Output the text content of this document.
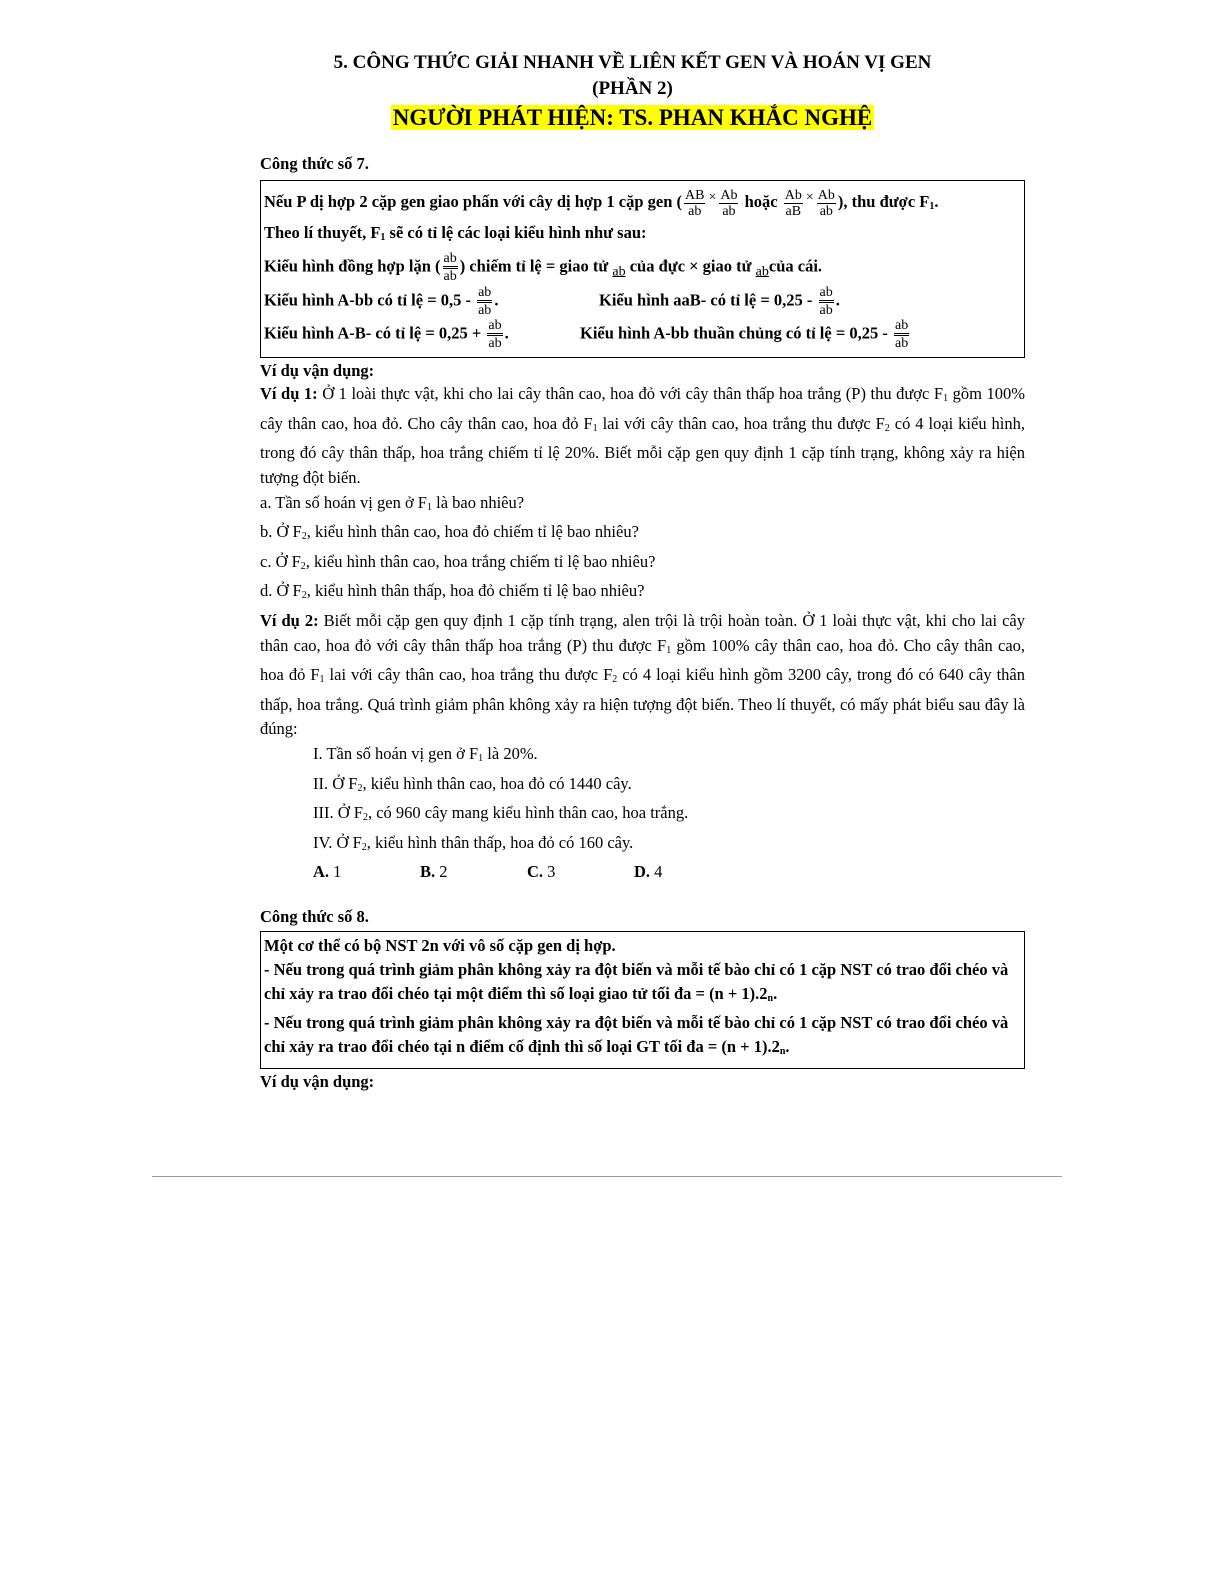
5. CÔNG THỨC GIẢI NHANH VỀ LIÊN KẾT GEN VÀ HOÁN VỊ GEN
(PHẦN 2)
NGƯỜI PHÁT HIỆN: TS. PHAN KHẮC NGHỆ
Công thức số 7.
Nếu P dị hợp 2 cặp gen giao phấn với cây dị hợp 1 cặp gen ( $\frac{AB}{ab} ^\times \frac{Ab}{ab}$ hoặc $\frac{Ab}{aB} ^\times \frac{Ab}{ab}$ ), thu được $F_1$.
Theo lí thuyết, $F_1$ sẽ có tỉ lệ các loại kiểu hình như sau:
Kiểu hình đồng hợp lặn ( $\frac{ab}{ab}$ ) chiếm tỉ lệ = giao tử $_{ab}$ của đực × giao tử $_{ab}$của cái.
Kiểu hình A-bb có tỉ lệ = $0,5 - \frac{ab}{ab}$ .	Kiểu hình aaB- có tỉ lệ = $0,25 - \frac{ab}{ab}$ .
Kiểu hình A-B- có tỉ lệ = $0,25 + \frac{ab}{ab}$ .	Kiểu hình A-bb thuần chủng có tỉ lệ = $0,25 - \frac{ab}{ab}$
Ví dụ vận dụng:
Ví dụ 1: Ở 1 loài thực vật, khi cho lai cây thân cao, hoa đỏ với cây thân thấp hoa trắng (P) thu được $F_1$ gồm 100% cây thân cao, hoa đỏ. Cho cây thân cao, hoa đỏ $F_1$ lai với cây thân cao, hoa trắng thu được $F_2$ có 4 loại kiểu hình, trong đó cây thân thấp, hoa trắng chiếm tỉ lệ 20%. Biết mỗi cặp gen quy định 1 cặp tính trạng, không xảy ra hiện tượng đột biến.
a. Tần số hoán vị gen ở $F_1$ là bao nhiêu?
b. Ở $F_2$, kiểu hình thân cao, hoa đỏ chiếm tỉ lệ bao nhiêu?
c. Ở $F_2$, kiểu hình thân cao, hoa trắng chiếm tỉ lệ bao nhiêu?
d. Ở $F_2$, kiểu hình thân thấp, hoa đỏ chiếm tỉ lệ bao nhiêu?
Ví dụ 2: Biết mỗi cặp gen quy định 1 cặp tính trạng, alen trội là trội hoàn toàn. Ở 1 loài thực vật, khi cho lai cây thân cao, hoa đỏ với cây thân thấp hoa trắng (P) thu được $F_1$ gồm 100% cây thân cao, hoa đỏ. Cho cây thân cao, hoa đỏ $F_1$ lai với cây thân cao, hoa trắng thu được $F_2$ có 4 loại kiểu hình gồm 3200 cây, trong đó có 640 cây thân thấp, hoa trắng. Quá trình giảm phân không xảy ra hiện tượng đột biến. Theo lí thuyết, có mấy phát biểu sau đây là đúng:
I. Tần số hoán vị gen ở $F_1$ là 20%.
II. Ở $F_2$, kiểu hình thân cao, hoa đỏ có 1440 cây.
III. Ở $F_2$, có 960 cây mang kiểu hình thân cao, hoa trắng.
IV. Ở $F_2$, kiểu hình thân thấp, hoa đỏ có 160 cây.
A. 1	B. 2	C. 3	D. 4
Công thức số 8.
Một cơ thể có bộ NST 2n với vô số cặp gen dị hợp.
- Nếu trong quá trình giảm phân không xảy ra đột biến và mỗi tế bào chỉ có 1 cặp NST có trao đổi chéo và chỉ xảy ra trao đổi chéo tại một điểm thì số loại giao tử tối đa = $(n + 1).2_n$.
- Nếu trong quá trình giảm phân không xảy ra đột biến và mỗi tế bào chỉ có 1 cặp NST có trao đổi chéo và chỉ xảy ra trao đổi chéo tại n điểm cố định thì số loại GT tối đa = $(n + 1).2_n$.
Ví dụ vận dụng:
